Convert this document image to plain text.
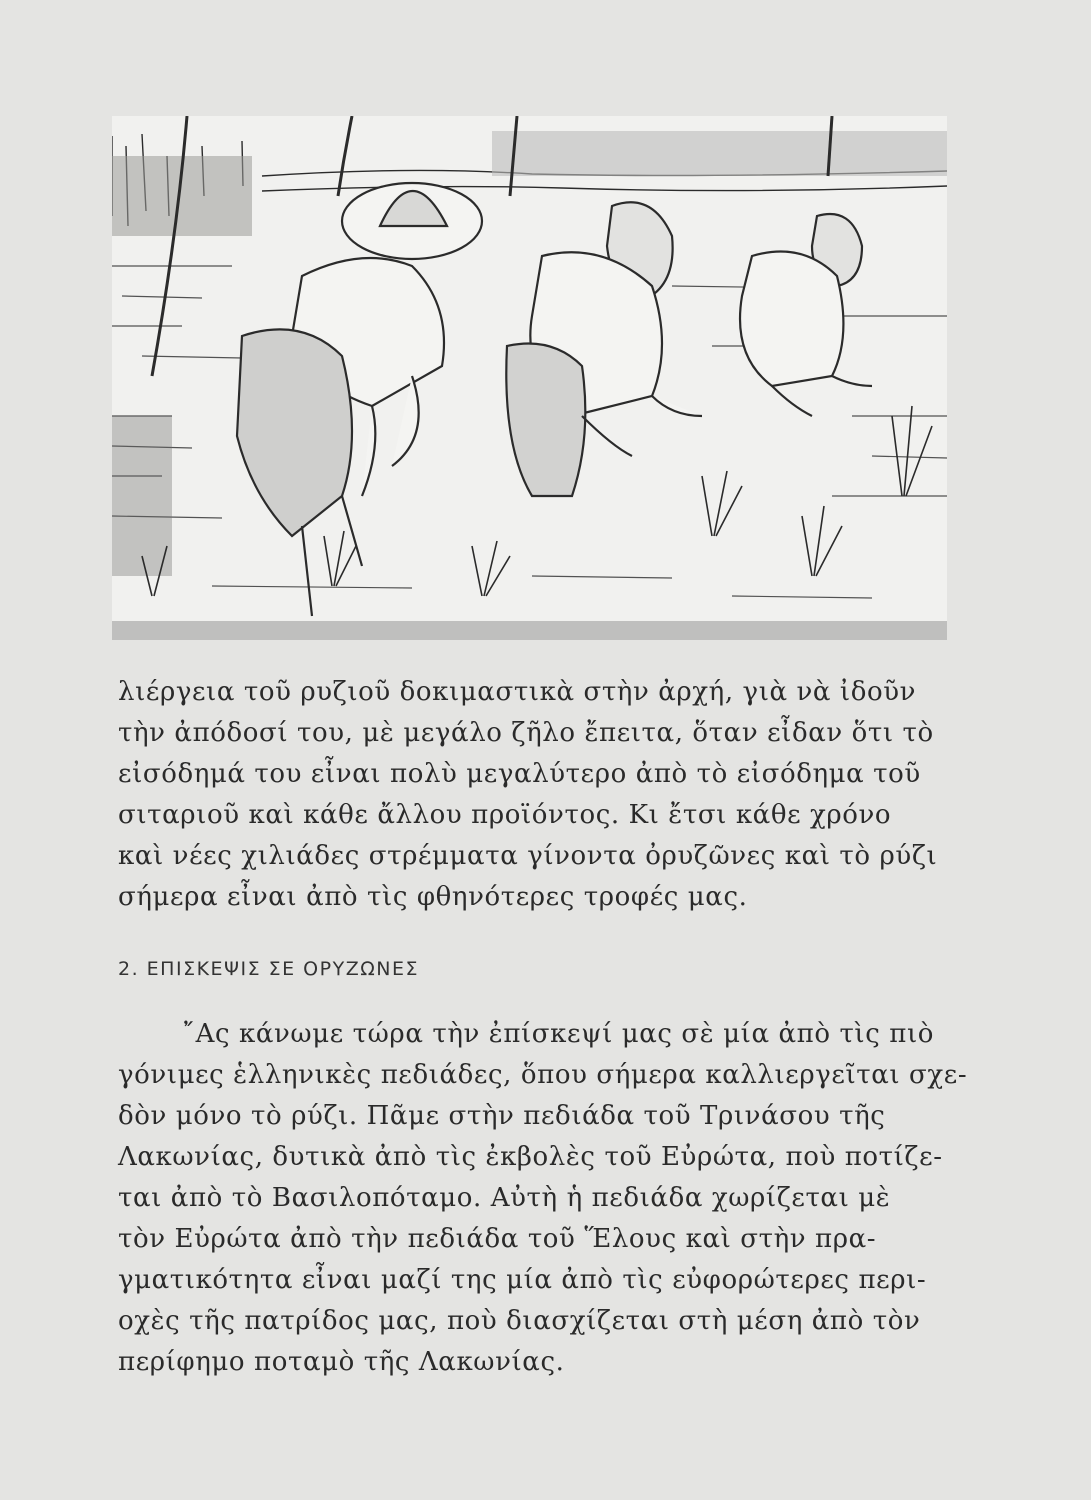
λιέργεια τοῦ ρυζιοῦ δοκιμαστικὰ στὴν ἀρχή, γιὰ νὰ ἰδοῦν
τὴν ἀπόδοσί του, μὲ μεγάλο ζῆλο ἔπειτα, ὅταν εἶδαν ὅτι τὸ
εἰσόδημά του εἶναι πολὺ μεγαλύτερο ἀπὸ τὸ εἰσόδημα τοῦ
σιταριοῦ καὶ κάθε ἄλλου προϊόντος. Κι ἔτσι κάθε χρόνο
καὶ νέες χιλιάδες στρέμματα γίνοντα ὀρυζῶνες καὶ τὸ ρύζι
σήμερα εἶναι ἀπὸ τὶς φθηνότερες τροφές μας.

2. ΕΠΙΣΚΕΨΙΣ ΣΕ ΟΡΥΖΩΝΕΣ

῎Ας κάνωμε τώρα τὴν ἐπίσκεψί μας σὲ μία ἀπὸ τὶς πιὸ
γόνιμες ἑλληνικὲς πεδιάδες, ὅπου σήμερα καλλιεργεῖται σχε-
δὸν μόνο τὸ ρύζι. Πᾶμε στὴν πεδιάδα τοῦ Τρινάσου τῆς
Λακωνίας, δυτικὰ ἀπὸ τὶς ἐκβολὲς τοῦ Εὐρώτα, ποὺ ποτίζε-
ται ἀπὸ τὸ Βασιλοπόταμο. Αὐτὴ ἡ πεδιάδα χωρίζεται μὲ
τὸν Εὐρώτα ἀπὸ τὴν πεδιάδα τοῦ Ἕλους καὶ στὴν πρα-
γματικότητα εἶναι μαζί της μία ἀπὸ τὶς εὐφορώτερες περι-
οχὲς τῆς πατρίδος μας, ποὺ διασχίζεται στὴ μέση ἀπὸ τὸν
περίφημο ποταμὸ τῆς Λακωνίας.
